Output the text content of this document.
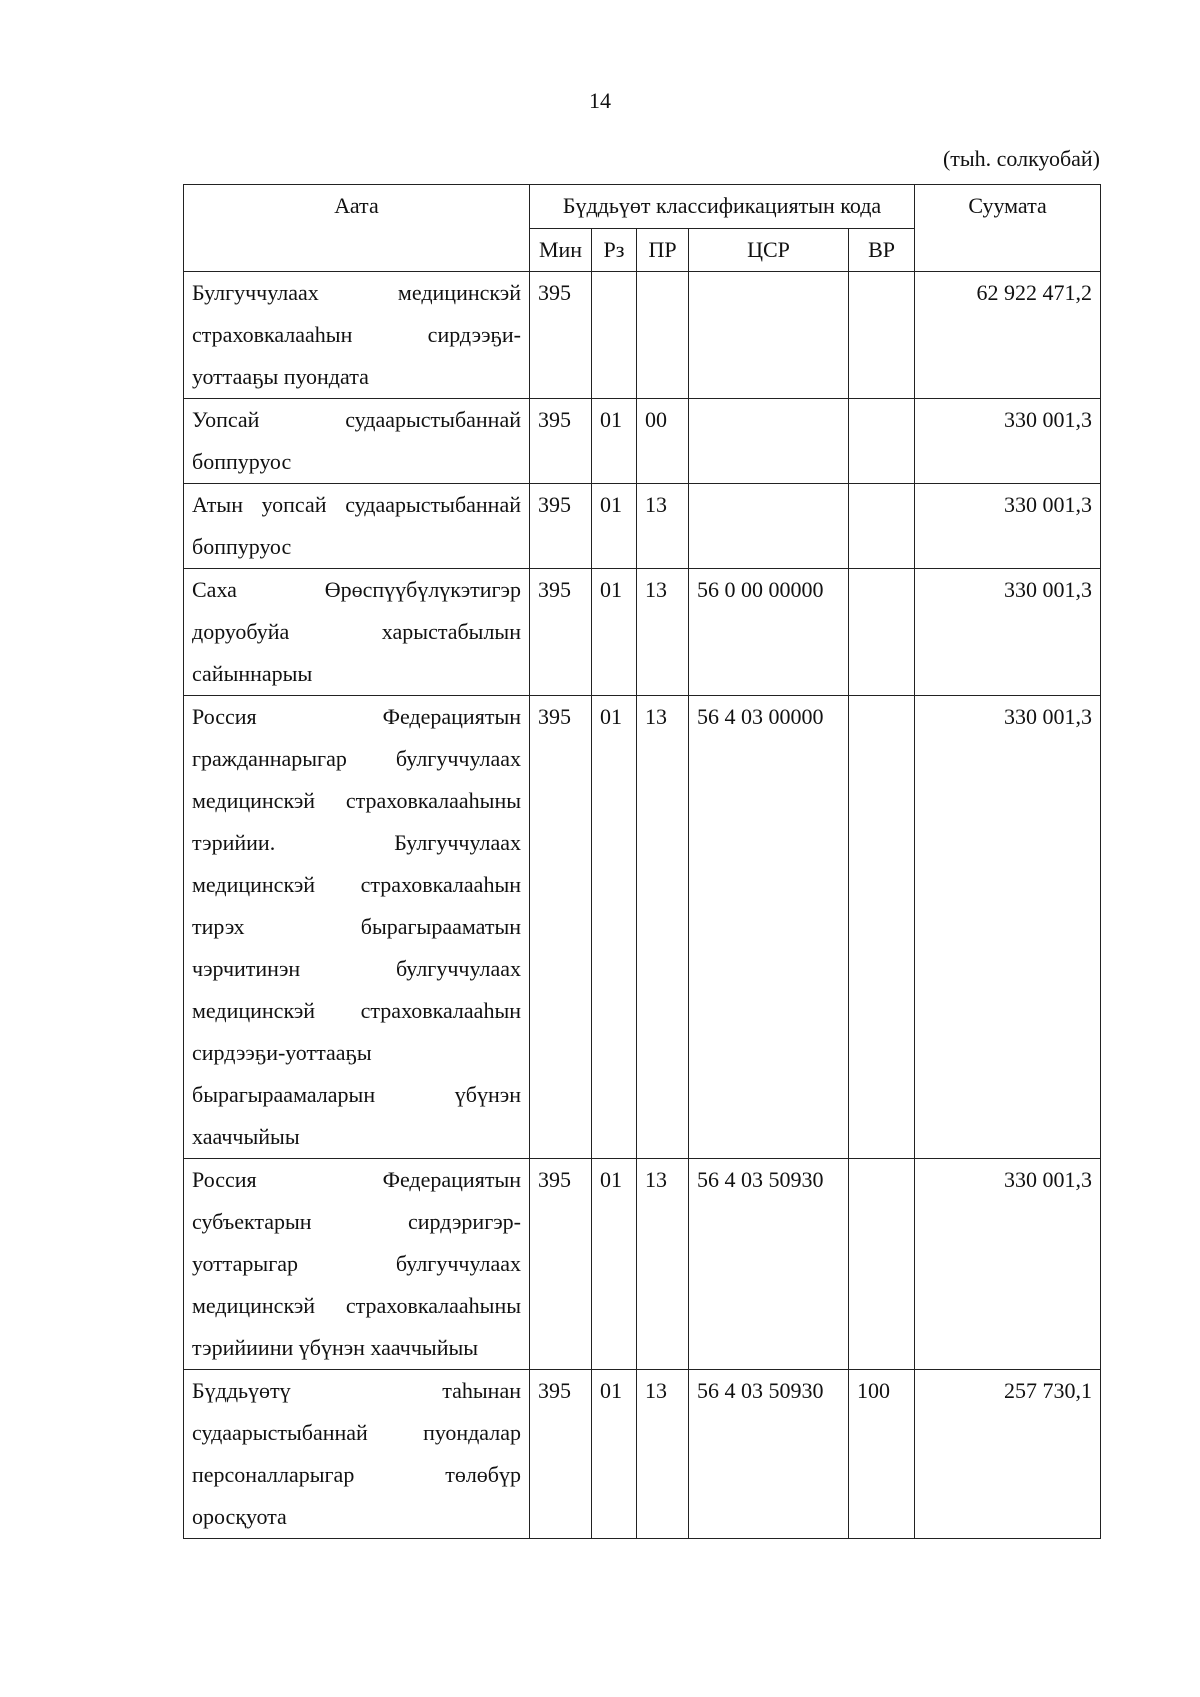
14
(тыһ. солкуобай)
Аата	Бүддьүөт классификациятын кода					Суумата
	Мин	Рз	ПР	ЦСР	ВР	
Булгуччулаах медицинскэй страховкалааһын сирдээҕи-уоттааҕы пуондата	395					62 922 471,2
Уопсай судаарыстыбаннай боппуруос	395	01	00			330 001,3
Атын уопсай судаарыстыбаннай боппуруос	395	01	13			330 001,3
Саха Өрөспүүбүлүкэтигэр доруобуйа харыстабылын сайыннарыы	395	01	13	56 0 00 00000		330 001,3
Россия Федерациятын гражданнарыгар булгуччулаах медицинскэй страховкалааһыны тэрийии. Булгуччулаах медицинскэй страховкалааһын тирэх бырагырааматын чэрчитинэн булгуччулаах медицинскэй страховкалааһын сирдээҕи-уоттааҕы бырагыраамаларын үбүнэн хааччыйыы	395	01	13	56 4 03 00000		330 001,3
Россия Федерациятын субъектарын сирдэригэр-уоттарыгар булгуччулаах медицинскэй страховкалааһыны тэрийиини үбүнэн хааччыйыы	395	01	13	56 4 03 50930		330 001,3
Бүддьүөтү таһынан судаарыстыбаннай пуондалар персоналларыгар төлөбүр оросқуота	395	01	13	56 4 03 50930	100	257 730,1
